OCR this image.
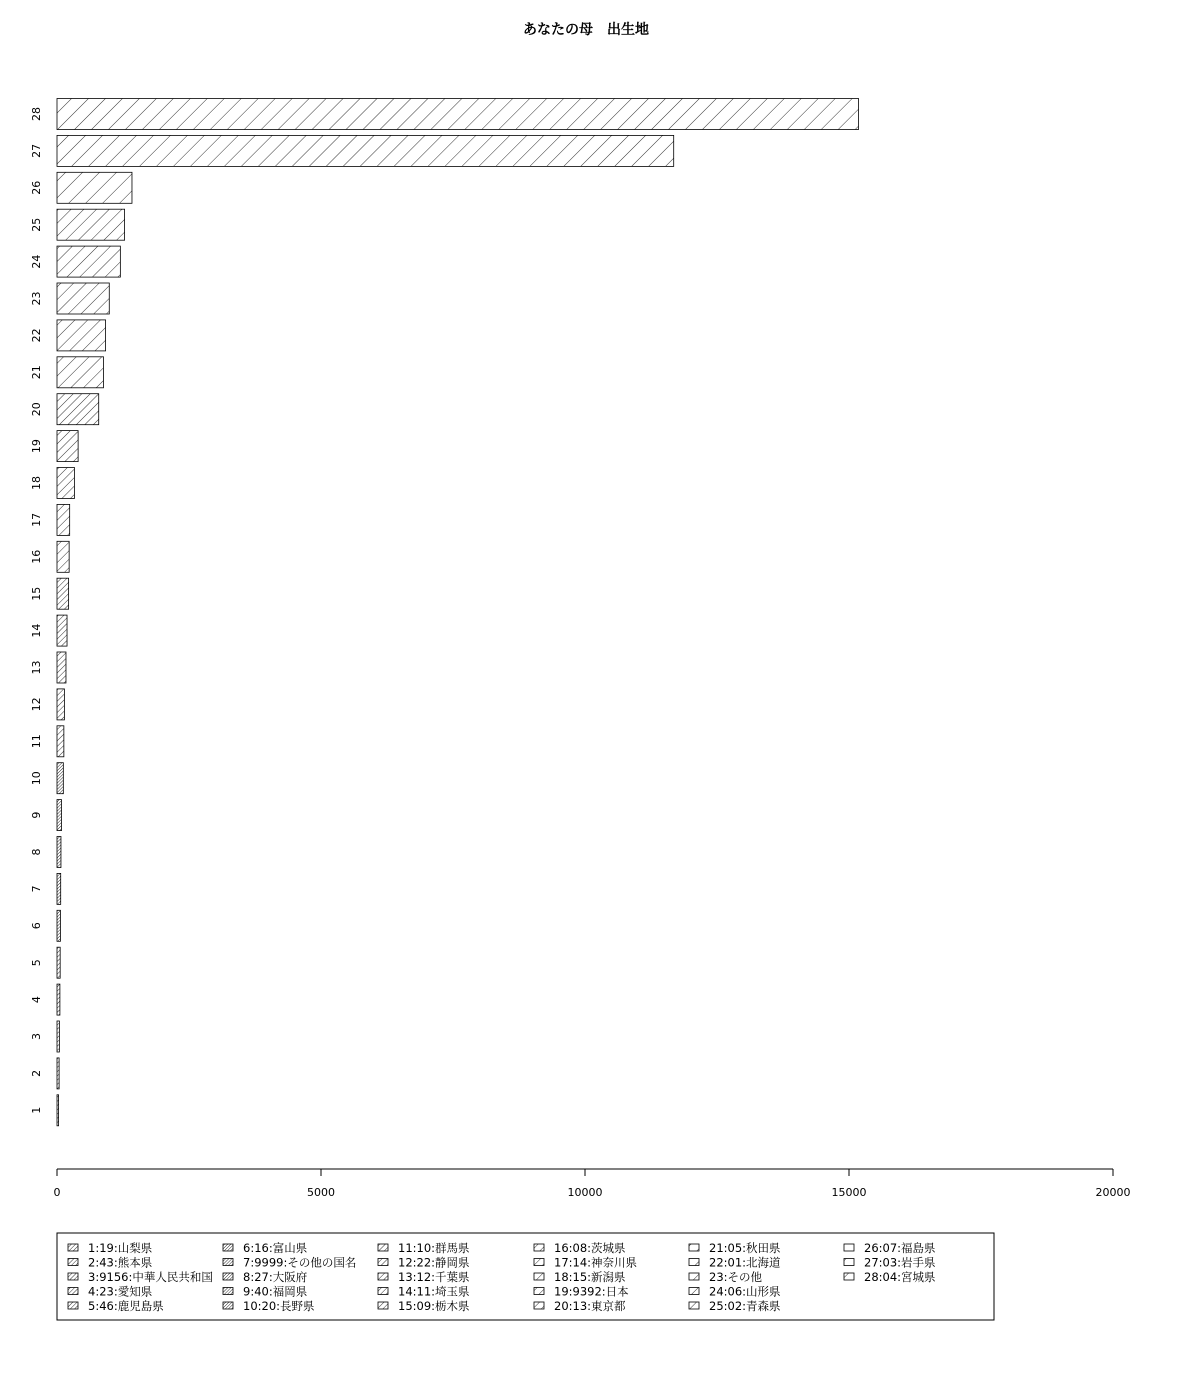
あなたの母　出生地
1
2
3
4
5
6
7
8
9
10
11
12
13
14
15
16
17
18
19
20
21
22
23
24
25
26
27
28
0	5000	10000	15000	20000
1:19:山梨県
2:43:熊本県
3:9156:中華人民共和国
4:23:愛知県
5:46:鹿児島県
6:16:富山県
7:9999:その他の国名
8:27:大阪府
9:40:福岡県
10:20:長野県
11:10:群馬県
12:22:静岡県
13:12:千葉県
14:11:埼玉県
15:09:栃木県
16:08:茨城県
17:14:神奈川県
18:15:新潟県
19:9392:日本
20:13:東京都
21:05:秋田県
22:01:北海道
23:その他
24:06:山形県
25:02:青森県
26:07:福島県
27:03:岩手県
28:04:宮城県
